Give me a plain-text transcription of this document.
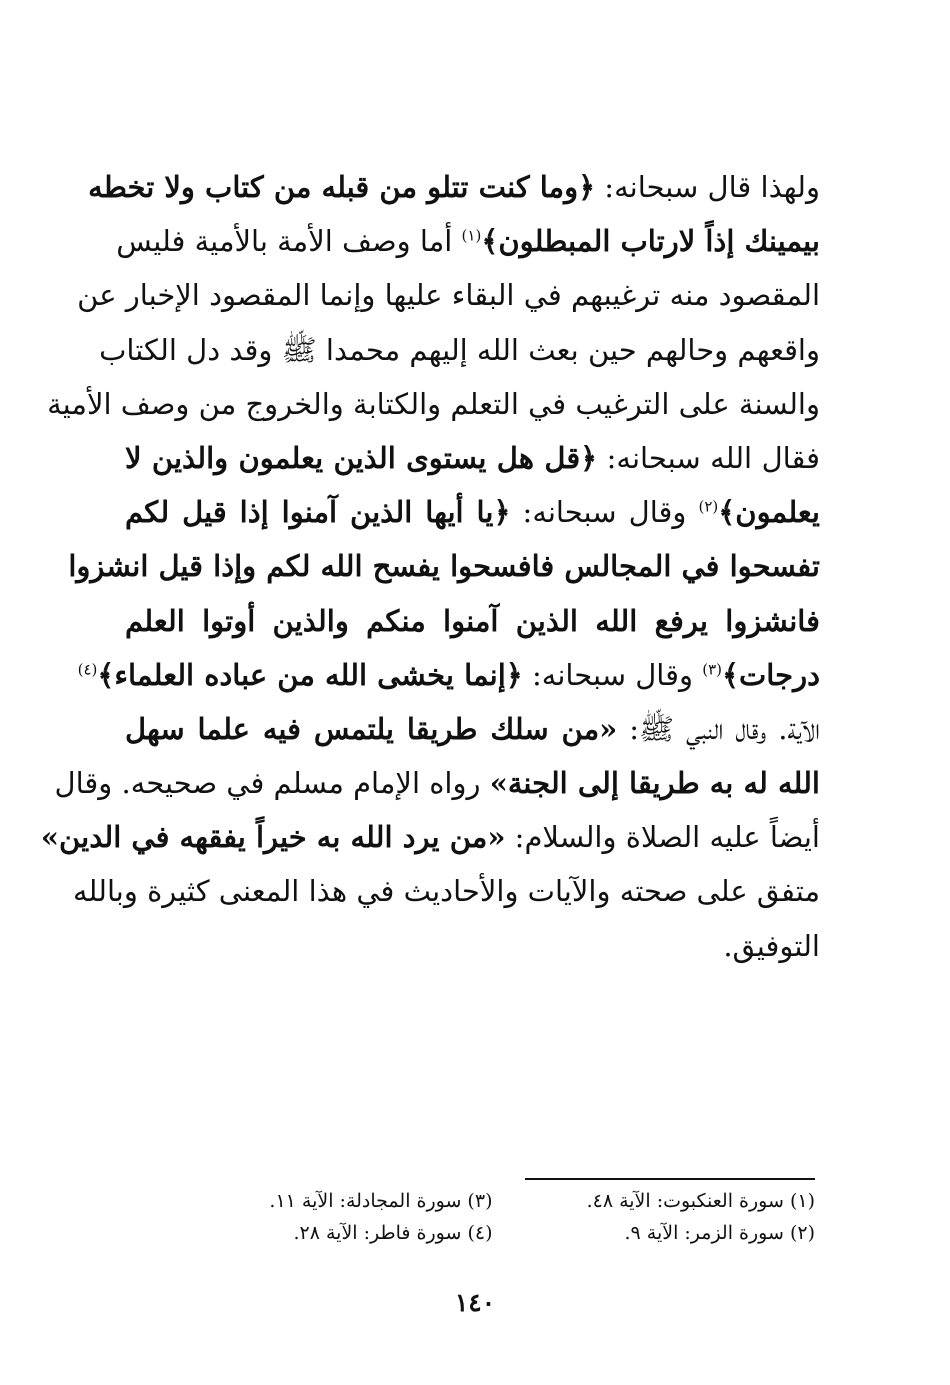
ولهذا قال سبحانه: ﴿وما كنت تتلو من قبله من كتاب ولا تخطه
بيمينك إذاً لارتاب المبطلون﴾$^{(١)}$ أما وصف الأمة بالأمية فليس
المقصود منه ترغيبهم في البقاء عليها وإنما المقصود الإخبار عن
واقعهم وحالهم حين بعث الله إليهم محمدا ﷺ وقد دل الكتاب
والسنة على الترغيب في التعلم والكتابة والخروج من وصف الأمية
فقال الله سبحانه: ﴿قل هل يستوى الذين يعلمون والذين لا
يعلمون﴾$^{(٢)}$ وقال سبحانه: ﴿يا أيها الذين آمنوا إذا قيل لكم
تفسحوا في المجالس فافسحوا يفسح الله لكم وإذا قيل انشزوا
فانشزوا يرفع الله الذين آمنوا منكم والذين أوتوا العلم
درجات﴾$^{(٣)}$ وقال سبحانه: ﴿إنما يخشى الله من عباده العلماء﴾$^{(٤)}$
الآية. وقال النبي ﷺ: «من سلك طريقا يلتمس فيه علما سهل
الله له به طريقا إلى الجنة» رواه الإمام مسلم في صحيحه. وقال
أيضاً عليه الصلاة والسلام: «من يرد الله به خيراً يفقهه في الدين»
متفق على صحته والآيات والأحاديث في هذا المعنى كثيرة وبالله
التوفيق.
(١) سورة العنكبوت: الآية ٤٨.
(٣) سورة المجادلة: الآية ١١.
(٢) سورة الزمر: الآية ٩.
(٤) سورة فاطر: الآية ٢٨.
١٤٠
